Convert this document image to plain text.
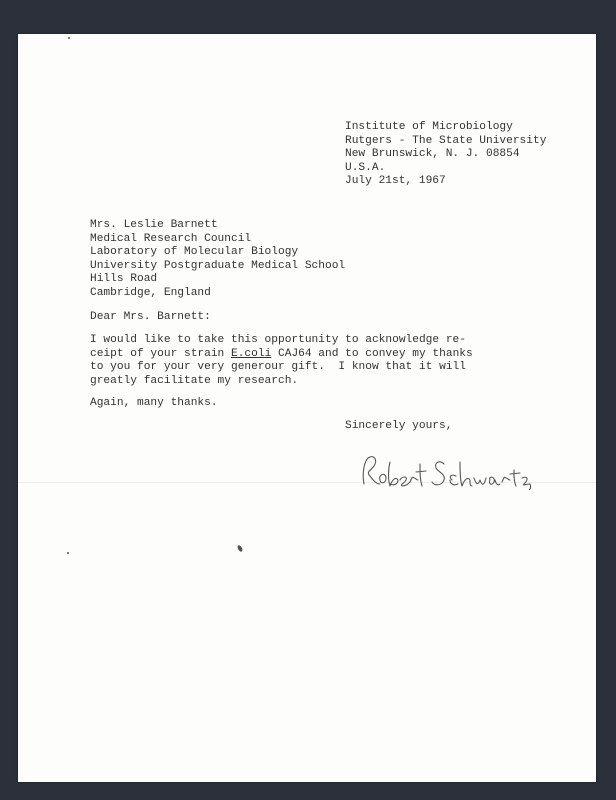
Institute of Microbiology
Rutgers - The State University
New Brunswick, N. J. 08854
U.S.A.
July 21st, 1967
Mrs. Leslie Barnett
Medical Research Council
Laboratory of Molecular Biology
University Postgraduate Medical School
Hills Road
Cambridge, England
Dear Mrs. Barnett:
I would like to take this opportunity to acknowledge re-
ceipt of your strain E.coli CAJ64 and to convey my thanks
to you for your very generour gift.  I know that it will
greatly facilitate my research.
Again, many thanks.
Sincerely yours,
